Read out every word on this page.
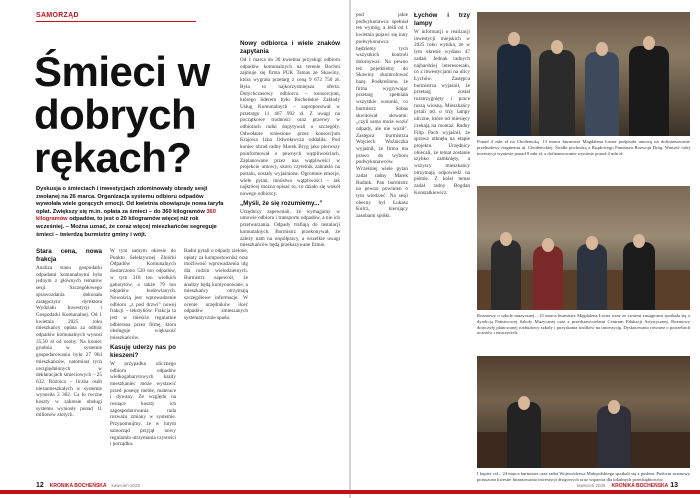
SAMORZĄD
Śmieci w dobrych rękach?
Dyskusja o śmieciach i inwestycjach zdominowały obrady sesji zwołanej na 26 marca. Organizacja systemu odbioru odpadów wywołała wiele gorących emocji. Od kwietnia obowiązuje nowa taryfa opłat. Zwiększy się m.in. opłata za śmieci – do 360 kilogramów 360 kilogramów odpadów, to jest o 20 kilogramów więcej niż rok wcześniej. – Można uznać, że coraz więcej mieszkańców segreguje śmieci – twierdzą burmistrz gminy i wójt.
Stara cena, nowa frakcja

Analiza stanu gospodarki odpadami komunalnymi była jednym z głównych tematów sesji. Szczegółowego sprawozdania dokonała zastępczyni dyrektora Wydziału Inwestycji i Gospodarki Komunalnej. Od 1 kwietnia 2025 roku mieszkańcy opłata za odbiór odpadów komunalnych wynosi 35,50 zł od osoby. Na koniec grudnia w systemie gospodarowania było 27 964 mieszkańców, natomiast tych uwzględnionych w deklaracjach śmieciowych – 25 632. Różnica – liczba osób niezamieszkałych w systemie wynosiła 2 302. Ca ło roczne koszty w zakresie obsługi systemu wyniosły ponad 11 milionów złotych.

W tym samym okresie do Punktu Selektywnej Zbiórki Odpadów Komunalnych dostarczono 520 ton odpadów, w tym 318 ton wielkich gabarytów, a także 79 ton odpadów budowlanych. Nowością jest wprowadzenie odbioru „z pod drzwi” nowej frakcji – tekstyliów. Frakcja ta jest w mieście regularnie odbierana przez firmę, która obsługuje większość mieszkańców.

Kasuję uderzy nas po kieszeni?

W przypadku ulicznego odbioru odpadów wielkogabarytowych każdy mieszkaniec może wystawić przed posesję meble, materace i dywany. Ze względu na rosnące koszty ich zagospodarowania rada rozważa zmiany w systemie. Przypomnijmy, że w lutym samorząd przyjął nowy regulamin utrzymania czystości i porządku.

Radni pytali o odpady zielone, opłaty za kompostowniki oraz możliwość wprowadzenia ulg dla rodzin wielodzietnych. Burmistrz zapewnił, że analizy będą kontynuowane, a mieszkańcy otrzymają szczegółowe informacje. W ocenie urzędników ilość odpadów zmieszanych systematycznie spada.

Nowy odbiorca i wiele znaków zapytania

Od 1 marca do 30 kwietnia przysługi odbioru odpadów komunalnych na terenie Bochni zajmuje się firma PUK Tamas ze Skawiny, która wygrała przetarg z ceną 9 672 750 zł. Była to najkorzystniejsza oferta. Dotychczasowy odbiorca – konsorcjum, którego liderem było Bocheńskie Zakłady Usług Komunalnych – zaproponował w przetargu 11 467 992 zł. Z uwagi na początkowe trudności oraz przerwy w odbiorach radni dopytywali o szczegóły. Odwołanie wniesione przez konsorcjum Krajowa Izba Odwoławcza oddaliła. Pod koniec obrad radny Marek Bryg jako pierwszy poinformował o pewnych wątpliwościach. Zaplanowane przez nas wątpliwości w projekcie umowy, skoro czytelnik zabrakło na portalu, zostały wyjaśnione. Ogromnie emocje, wiele pytań, mnóstwo wątpliwości – tak najkrócej można opisać to, co działo się wokół nowego odbiorcy.

„Myśli, że się rozumiemy...”

Urzędnicy zapewniali, że wymagamy w umowie odbioru i transportu odpadów, a nie ich przetwarzania. Odpady trafiają do instalacji komunalnych. Burmistrz przekonywał, że zależy nam na współpracy, a wszelkie uwagi mieszkańców będą przekazywane firmie.

12 KRONIKA BOCHEŃSKA kwiecień 2025

pod jakie podwykonawca spełniał ten wymóg, a Jeśli od 1 kwietnia pojawi się inny podwykonawca będziemy tych wszystkich kontroli dokonywać. Na pewno też pojedziemy do Skawiny skontrolować bazę. Podkreślono, że firma wygrywając przetarg spełniała wszystkie warunki, co burmistrz Sobas skwitował słowami: „czyli sama może wozić odpady, ale nie woził”. Zastępca burmistrza Wojciech Woźniczka wyjaśnił, że firma ma prawo do wyboru podwykonawców. Wcześniej wiele pytań zadał radny Marek Rudnik. Pan burmistrz na pewno powinien o tym wiedzieć. Na sesji obecny był Łukasz Kolcz, kierujący zasobami spółki.

Łychów i trzy lampy

W informacji o realizacji inwestycji miejskich w 2025 roku wynika, że w tym okresie wydano 47 zadań. Jednak radnych najbardziej interesowało, co z inwestycjami na ulicy Łychów. Zastępca burmistrza wyjaśnił, że przetarg został rozstrzygnięty i prace ruszą wiosną. Mieszkańcy pytali też o trzy lampy uliczne, które od miesięcy czekają na montaż. Radny Filip Pach wyjaśnił, że sprawa utknęła na etapie projektu. Urzędnicy obiecali, że temat zostanie szybko zamknięty, a wszyscy mieszkańcy otrzymają odpowiedź na piśmie. Z kolei temat zadał radny Bogdan Konstatkiewicz.

Ponad 4 mln zł na Chodenicką. 13 marca burmistrz Magdalena Łacna podpisała umowę na dofinansowanie przebudowy fragmentu ul. Chodenickiej. Środki pochodzą z Rządowego Funduszu Rozwoju Dróg. Wartość całej inwestycji wyniesie ponad 8 mln zł, a dofinansowanie wyniesie ponad 4 mln zł.
Rozmowy o szkole muzycznej... 25 marca burmistrz Magdalena Łacna wraz ze swoimi zastępcami spotkała się z dyrekcją Państwowej Szkoły Muzycznej oraz z przedstawicielami Centrum Edukacji Artystycznej. Rozmowy dotyczyły planowanej rozbudowy szkoły i pozyskania środków na inwestycję. Dyskutowano również o potrzebach uczniów i nauczycieli.
I kupiec od... 24 marca burmistrz oraz radni Województwa Małopolskiego spotkali się z posłem. Podczas rozmowy poruszono kwestie finansowania inwestycji drogowych oraz wsparcia dla lokalnych przedsiębiorców.
kwiecień 2025 KRONIKA BOCHEŃSKA 13
